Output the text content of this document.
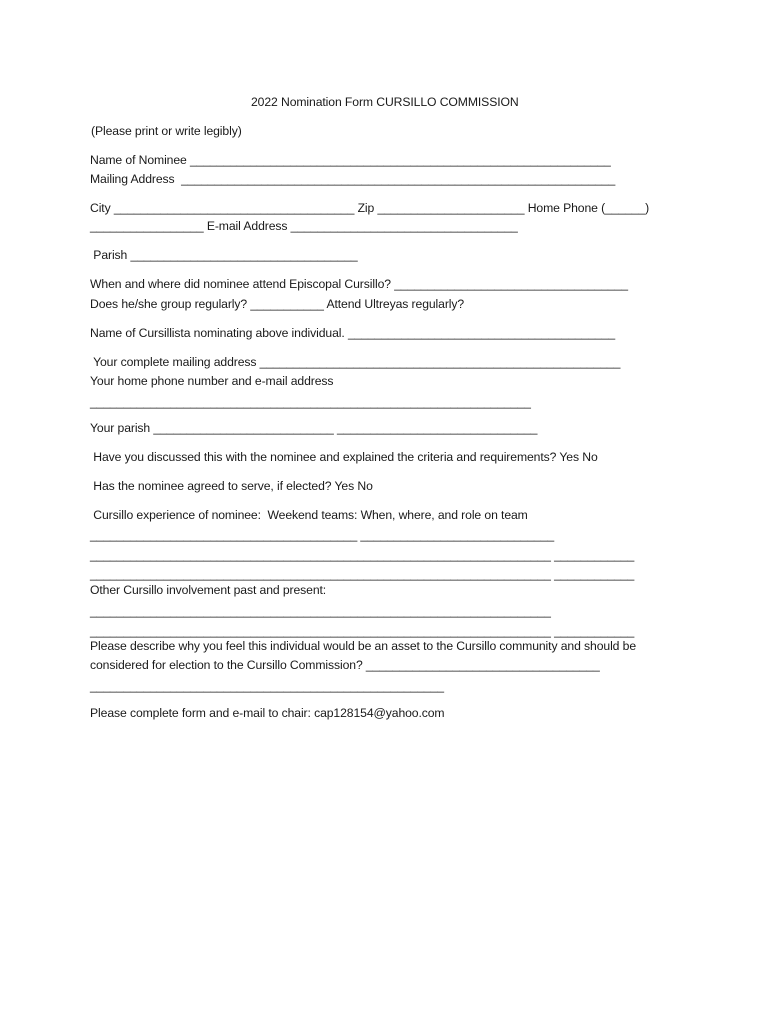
2022 Nomination Form CURSILLO COMMISSION
(Please print or write legibly)
Name of Nominee _______________________________________________________________
Mailing Address  _________________________________________________________________
City ____________________________________ Zip ______________________ Home Phone (______)
_________________ E-mail Address __________________________________
Parish __________________________________
When and where did nominee attend Episcopal Cursillo? ___________________________________
Does he/she group regularly? ___________ Attend Ultreyas regularly?
Name of Cursillista nominating above individual. ________________________________________
Your complete mailing address ______________________________________________________
Your home phone number and e-mail address
__________________________________________________________________
Your parish ___________________________ ______________________________
Have you discussed this with the nominee and explained the criteria and requirements? Yes No
Has the nominee agreed to serve, if elected? Yes No
Cursillo experience of nominee:  Weekend teams: When, where, and role on team
________________________________________ _____________________________
_____________________________________________________________________ ____________
_____________________________________________________________________ ____________
Other Cursillo involvement past and present:
_____________________________________________________________________
_____________________________________________________________________ ____________
Please describe why you feel this individual would be an asset to the Cursillo community and should be
considered for election to the Cursillo Commission? ___________________________________
_____________________________________________________
Please complete form and e-mail to chair: cap128154@yahoo.com
